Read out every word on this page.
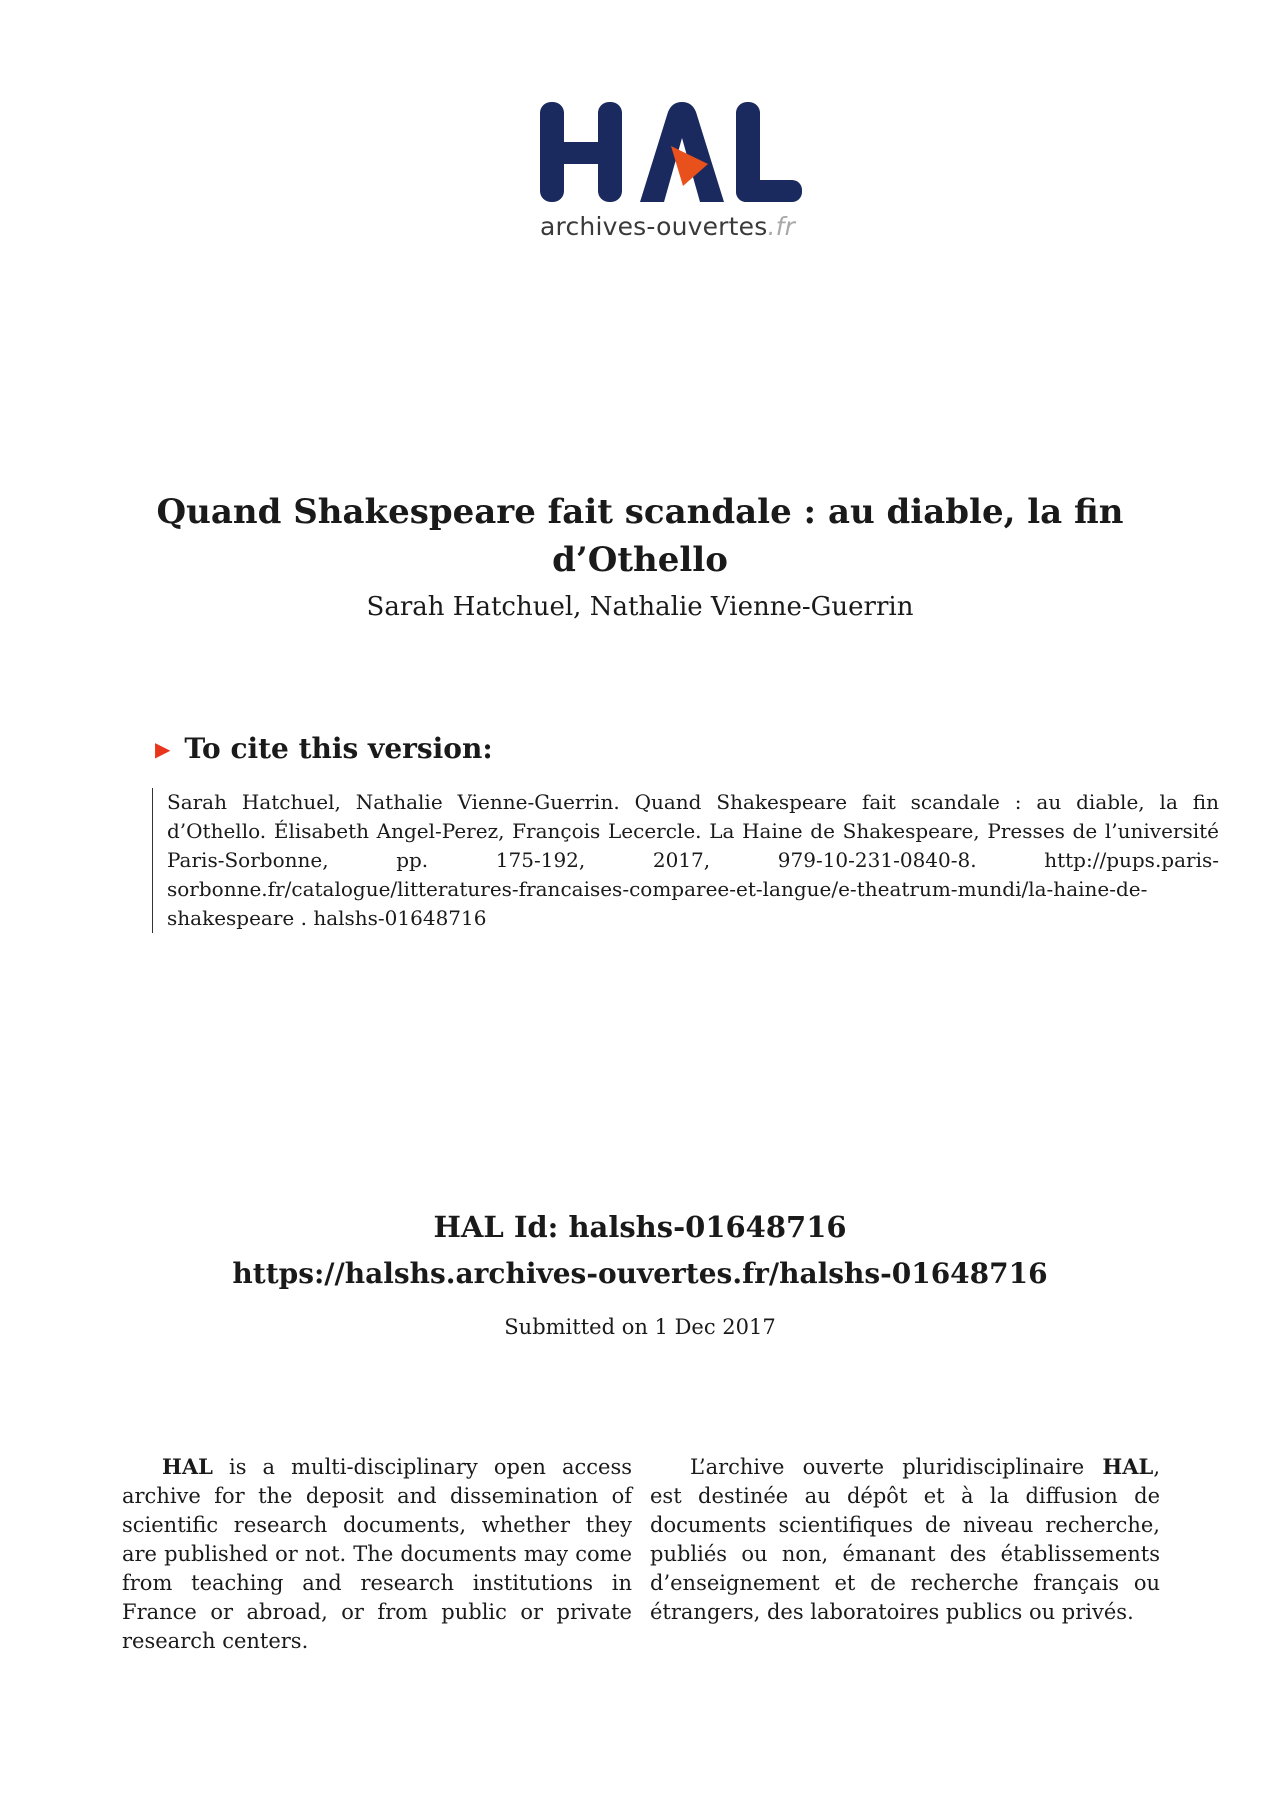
archives-ouvertes.fr
Quand Shakespeare fait scandale : au diable, la fin d’Othello

Sarah Hatchuel, Nathalie Vienne-Guerrin

▶ To cite this version:
Sarah Hatchuel, Nathalie Vienne-Guerrin. Quand Shakespeare fait scandale : au diable, la fin d’Othello. Élisabeth Angel-Perez, François Lecercle. La Haine de Shakespeare, Presses de l’université Paris-Sorbonne, pp. 175-192, 2017, 979-10-231-0840-8. http://pups.paris-sorbonne.fr/catalogue/litteratures-francaises-comparee-et-langue/e-theatrum-mundi/la-haine-de-shakespeare . halshs-01648716

HAL Id: halshs-01648716

https://halshs.archives-ouvertes.fr/halshs-01648716

Submitted on 1 Dec 2017

HAL is a multi-disciplinary open access archive for the deposit and dissemination of scientific research documents, whether they are published or not. The documents may come from teaching and research institutions in France or abroad, or from public or private research centers.

L’archive ouverte pluridisciplinaire HAL, est destinée au dépôt et à la diffusion de documents scientifiques de niveau recherche, publiés ou non, émanant des établissements d’enseignement et de recherche français ou étrangers, des laboratoires publics ou privés.
